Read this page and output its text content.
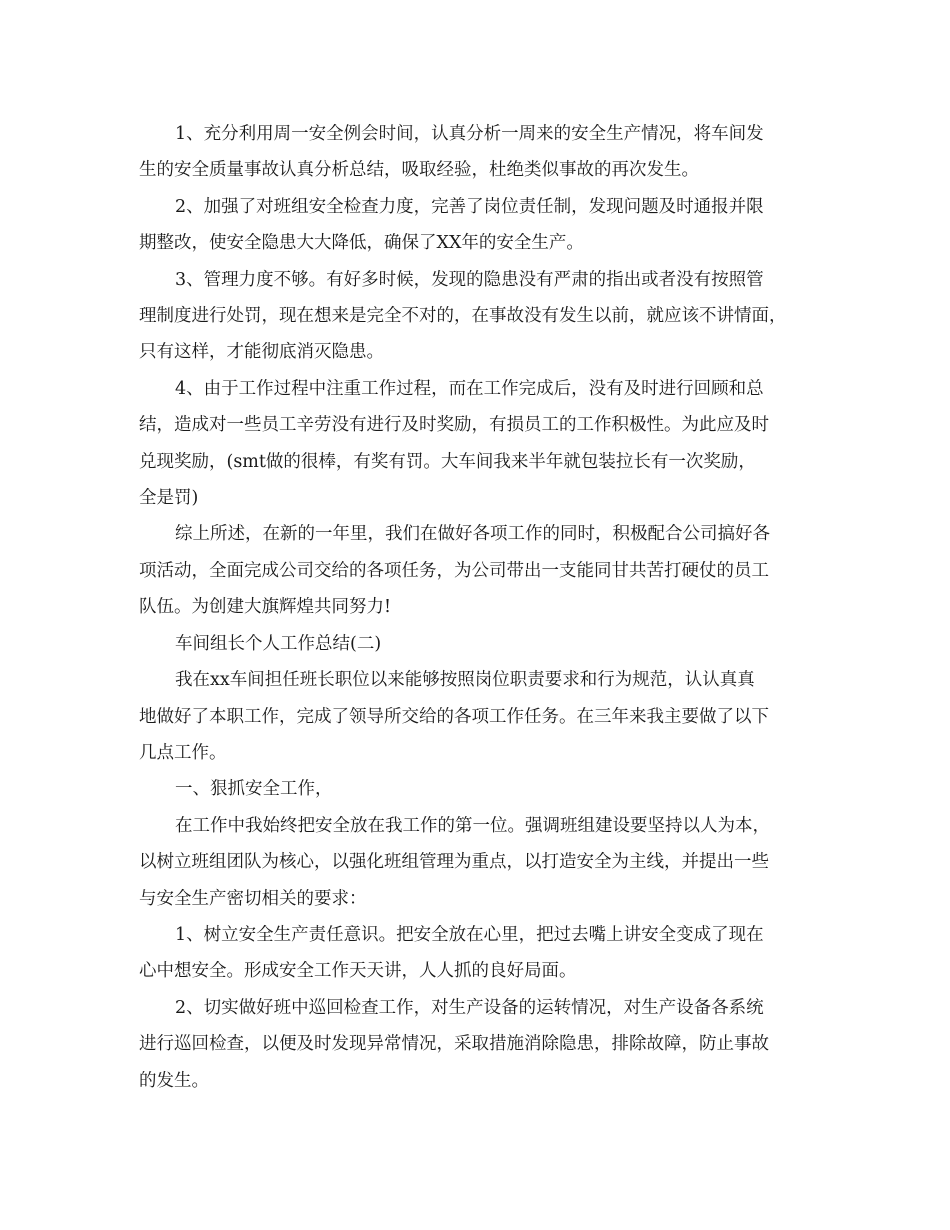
1、充分利用周一安全例会时间，认真分析一周来的安全生产情况，将车间发
生的安全质量事故认真分析总结，吸取经验，杜绝类似事故的再次发生。

2、加强了对班组安全检查力度，完善了岗位责任制，发现问题及时通报并限
期整改，使安全隐患大大降低，确保了XX年的安全生产。

3、管理力度不够。有好多时候，发现的隐患没有严肃的指出或者没有按照管
理制度进行处罚，现在想来是完全不对的，在事故没有发生以前，就应该不讲情面，
只有这样，才能彻底消灭隐患。

4、由于工作过程中注重工作过程，而在工作完成后，没有及时进行回顾和总
结，造成对一些员工辛劳没有进行及时奖励，有损员工的工作积极性。为此应及时
兑现奖励，(smt做的很棒，有奖有罚。大车间我来半年就包装拉长有一次奖励，
全是罚)

综上所述，在新的一年里，我们在做好各项工作的同时，积极配合公司搞好各
项活动，全面完成公司交给的各项任务，为公司带出一支能同甘共苦打硬仗的员工
队伍。为创建大旗辉煌共同努力!

车间组长个人工作总结(二)

我在xx车间担任班长职位以来能够按照岗位职责要求和行为规范，认认真真
地做好了本职工作，完成了领导所交给的各项工作任务。在三年来我主要做了以下
几点工作。

一、狠抓安全工作，

在工作中我始终把安全放在我工作的第一位。强调班组建设要坚持以人为本，
以树立班组团队为核心，以强化班组管理为重点，以打造安全为主线，并提出一些
与安全生产密切相关的要求：

1、树立安全生产责任意识。把安全放在心里，把过去嘴上讲安全变成了现在
心中想安全。形成安全工作天天讲，人人抓的良好局面。

2、切实做好班中巡回检查工作，对生产设备的运转情况，对生产设备各系统
进行巡回检查，以便及时发现异常情况，采取措施消除隐患，排除故障，防止事故
的发生。
